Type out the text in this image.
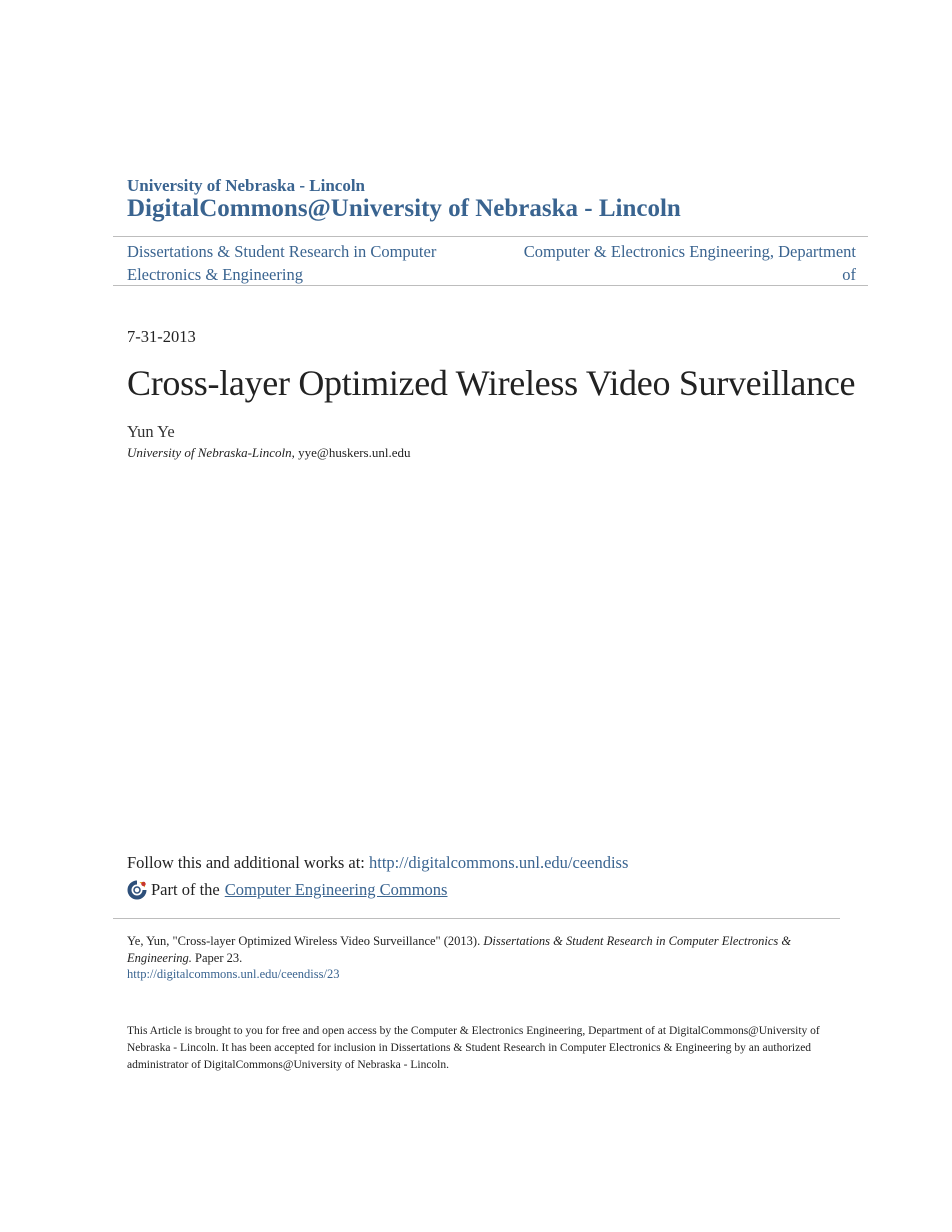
University of Nebraska - Lincoln
DigitalCommons@University of Nebraska - Lincoln
Dissertations & Student Research in Computer
Electronics & Engineering
Computer & Electronics Engineering, Department
of
7-31-2013
Cross-layer Optimized Wireless Video Surveillance
Yun Ye
University of Nebraska-Lincoln, yye@huskers.unl.edu
Follow this and additional works at: http://digitalcommons.unl.edu/ceendiss
Part of the Computer Engineering Commons
Ye, Yun, "Cross-layer Optimized Wireless Video Surveillance" (2013). Dissertations & Student Research in Computer Electronics & Engineering. Paper 23.
http://digitalcommons.unl.edu/ceendiss/23
This Article is brought to you for free and open access by the Computer & Electronics Engineering, Department of at DigitalCommons@University of Nebraska - Lincoln. It has been accepted for inclusion in Dissertations & Student Research in Computer Electronics & Engineering by an authorized administrator of DigitalCommons@University of Nebraska - Lincoln.
